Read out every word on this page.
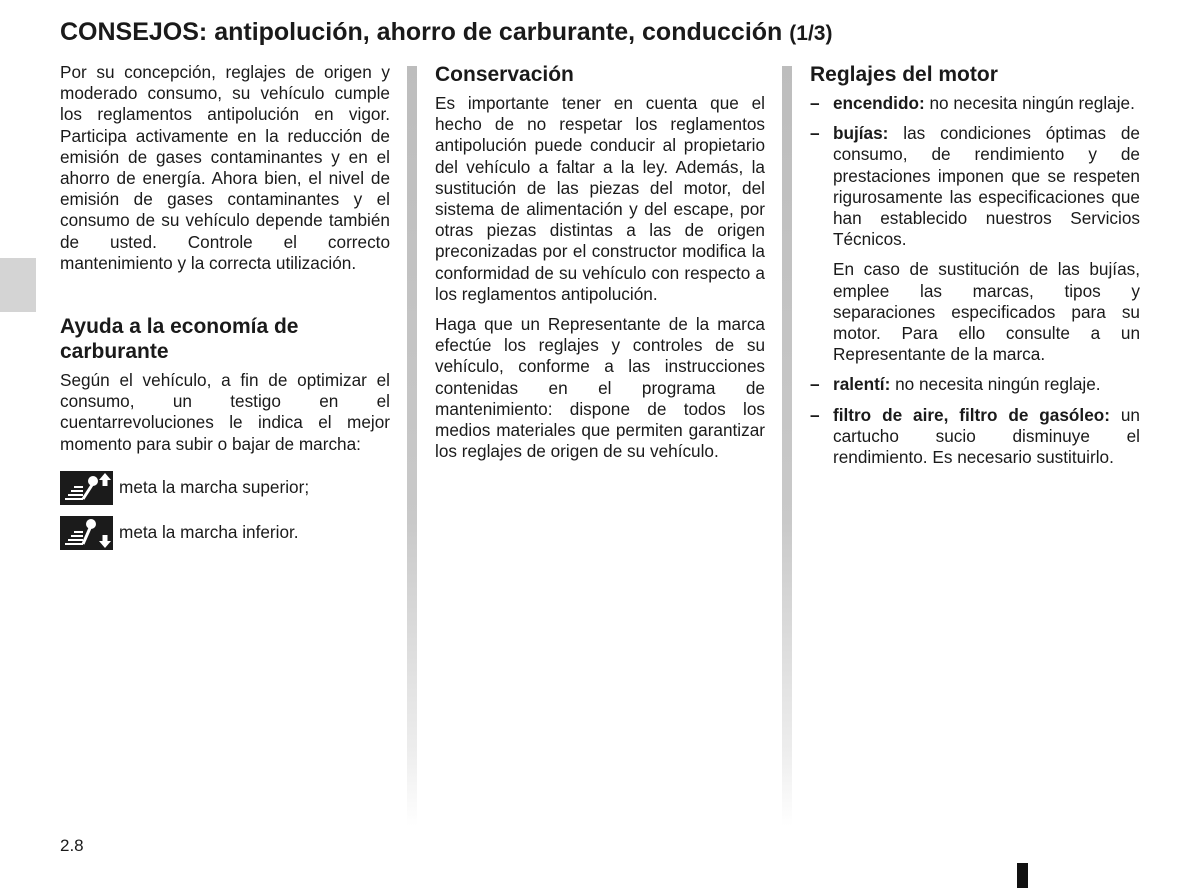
CONSEJOS: antipolución, ahorro de carburante, conducción (1/3)

Por su concepción, reglajes de origen y moderado consumo, su vehículo cumple los reglamentos antipolución en vigor. Participa activamente en la reducción de emisión de gases contaminantes y en el ahorro de energía. Ahora bien, el nivel de emisión de gases contaminantes y el consumo de su vehículo depende también de usted. Controle el correcto mantenimiento y la correcta utilización.

Ayuda a la economía de carburante

Según el vehículo, a fin de optimizar el consumo, un testigo en el cuentarrevoluciones le indica el mejor momento para subir o bajar de marcha:

meta la marcha superior;
meta la marcha inferior.
Conservación

Es importante tener en cuenta que el hecho de no respetar los reglamentos antipolución puede conducir al propietario del vehículo a faltar a la ley. Además, la sustitución de las piezas del motor, del sistema de alimentación y del escape, por otras piezas distintas a las de origen preconizadas por el constructor modifica la conformidad de su vehículo con respecto a los reglamentos antipolución.

Haga que un Representante de la marca efectúe los reglajes y controles de su vehículo, conforme a las instrucciones contenidas en el programa de mantenimiento: dispone de todos los medios materiales que permiten garantizar los reglajes de origen de su vehículo.

Reglajes del motor
– encendido: no necesita ningún reglaje.
– bujías: las condiciones óptimas de consumo, de rendimiento y de prestaciones imponen que se respeten rigurosamente las especificaciones que han establecido nuestros Servicios Técnicos.
En caso de sustitución de las bujías, emplee las marcas, tipos y separaciones especificados para su motor. Para ello consulte a un Representante de la marca.
– ralentí: no necesita ningún reglaje.
– filtro de aire, filtro de gasóleo: un cartucho sucio disminuye el rendimiento. Es necesario sustituirlo.
2.8
